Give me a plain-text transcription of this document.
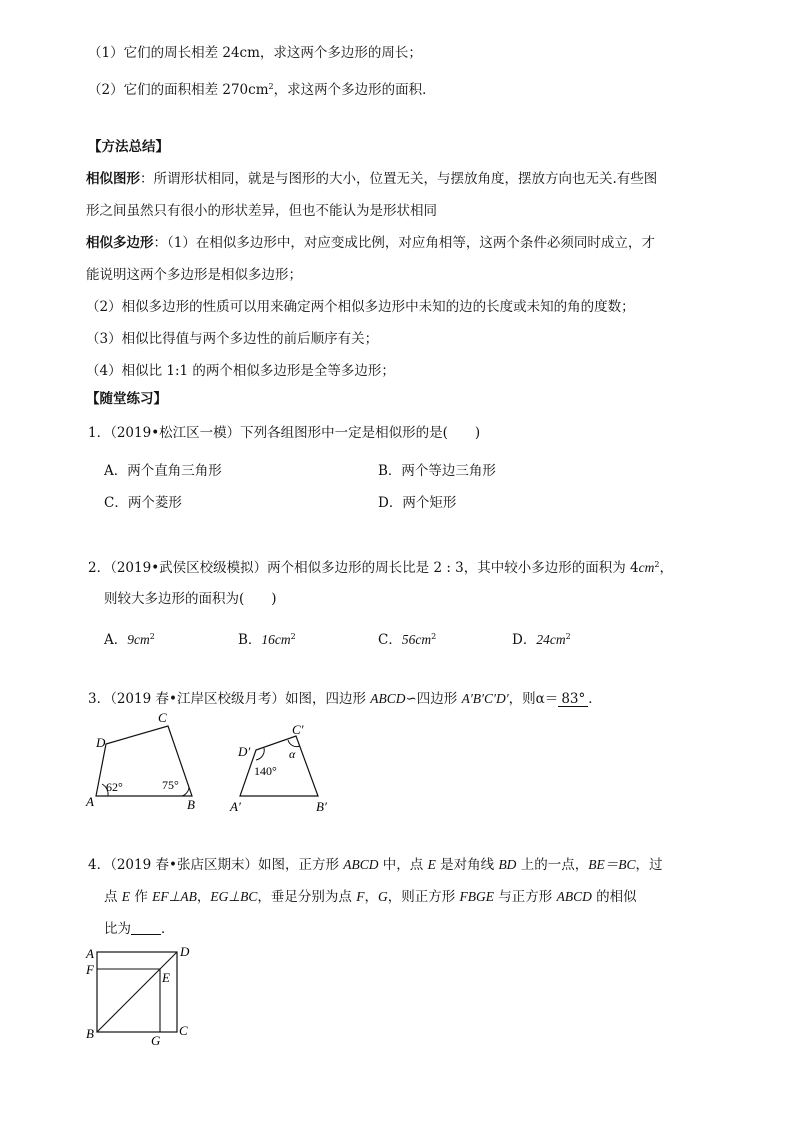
（1）它们的周长相差 24cm，求这两个多边形的周长；
（2）它们的面积相差 $270cm^2$，求这两个多边形的面积．
【方法总结】
相似图形：所谓形状相同，就是与图形的大小，位置无关，与摆放角度，摆放方向也无关.有些图
形之间虽然只有很小的形状差异，但也不能认为是形状相同
相似多边形：（1）在相似多边形中，对应变成比例，对应角相等，这两个条件必须同时成立，才
能说明这两个多边形是相似多边形；
（2）相似多边形的性质可以用来确定两个相似多边形中未知的边的长度或未知的角的度数；
（3）相似比得值与两个多边性的前后顺序有关；
（4）相似比 1:1 的两个相似多边形是全等多边形；
【随堂练习】
1．（2019•松江区一模）下列各组图形中一定是相似形的是(　　)
A．两个直角三角形	B．两个等边三角形
C．两个菱形	D．两个矩形
2．（2019•武侯区校级模拟）两个相似多边形的周长比是 2 : 3，其中较小多边形的面积为 $4cm^2$，
则较大多边形的面积为(　　)
A．$9cm^2$	B．$16cm^2$	C．$56cm^2$	D．$24cm^2$
3．（2019 春•江岸区校级月考）如图，四边形 ABCD∽四边形 A′B′C′D′，则α＝ 83° ．
A	B
C
D
62°	75°
A′	B′
C′
D′
140°
α
4．（2019 春•张店区期末）如图，正方形 ABCD 中，点 E 是对角线 BD 上的一点，BE＝BC，过
点 E 作 EF⊥AB，EG⊥BC，垂足分别为点 F，G，则正方形 FBGE 与正方形 ABCD 的相似
比为 ．
A	D
F
E
B	C
G
